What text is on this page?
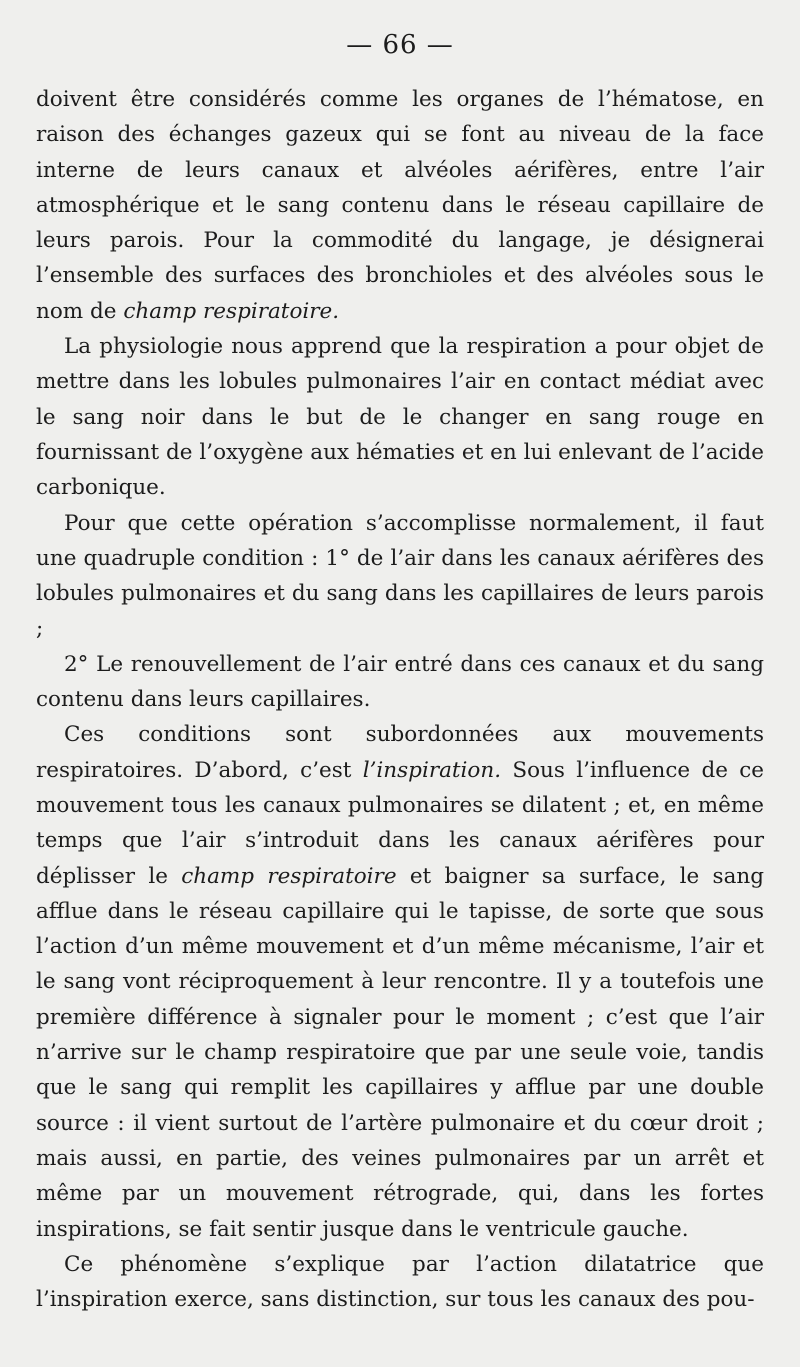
— 66 —

doivent être considérés comme les organes de l’hématose, en raison des échanges gazeux qui se font au niveau de la face interne de leurs canaux et alvéoles aérifères, entre l’air atmosphérique et le sang contenu dans le réseau capillaire de leurs parois. Pour la commodité du langage, je désignerai l’ensemble des surfaces des bronchioles et des alvéoles sous le nom de champ respiratoire.

La physiologie nous apprend que la respiration a pour objet de mettre dans les lobules pulmonaires l’air en contact médiat avec le sang noir dans le but de le changer en sang rouge en fournissant de l’oxygène aux hématies et en lui enlevant de l’acide carbonique.

Pour que cette opération s’accomplisse normalement, il faut une quadruple condition : 1° de l’air dans les canaux aérifères des lobules pulmonaires et du sang dans les capillaires de leurs parois ;

2° Le renouvellement de l’air entré dans ces canaux et du sang contenu dans leurs capillaires.

Ces conditions sont subordonnées aux mouvements respiratoires. D’abord, c’est l’inspiration. Sous l’influence de ce mouvement tous les canaux pulmonaires se dilatent ; et, en même temps que l’air s’introduit dans les canaux aérifères pour déplisser le champ respiratoire et baigner sa surface, le sang afflue dans le réseau capillaire qui le tapisse, de sorte que sous l’action d’un même mouvement et d’un même mécanisme, l’air et le sang vont réciproquement à leur rencontre. Il y a toutefois une première différence à signaler pour le moment ; c’est que l’air n’arrive sur le champ respiratoire que par une seule voie, tandis que le sang qui remplit les capillaires y afflue par une double source : il vient surtout de l’artère pulmonaire et du cœur droit ; mais aussi, en partie, des veines pulmonaires par un arrêt et même par un mouvement rétrograde, qui, dans les fortes inspirations, se fait sentir jusque dans le ventricule gauche.

Ce phénomène s’explique par l’action dilatatrice que l’inspiration exerce, sans distinction, sur tous les canaux des pou-
